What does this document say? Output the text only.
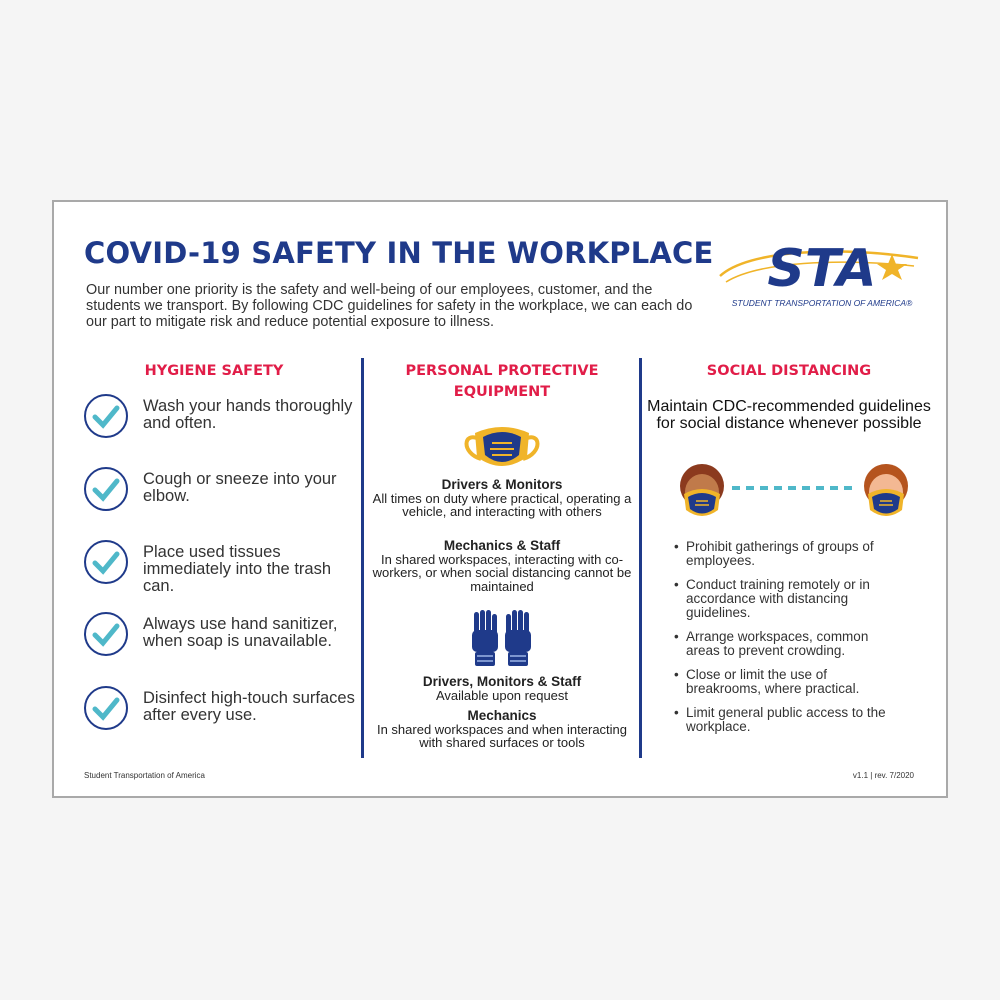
COVID-19 SAFETY IN THE WORKPLACE

Our number one priority is the safety and well-being of our employees, customer, and the students we transport. By following CDC guidelines for safety in the workplace, we can each do our part to mitigate risk and reduce potential exposure to illness.

STA
STUDENT TRANSPORTATION OF AMERICA®
HYGIENE SAFETY	PERSONAL PROTECTIVE
EQUIPMENT
SOCIAL DISTANCING
Wash your hands thoroughly and often.
Cough or sneeze into your elbow.
Place used tissues immediately into the trash can.
Always use hand sanitizer, when soap is unavailable.
Disinfect high-touch surfaces after every use.
Drivers & Monitors
All times on duty where practical, operating a vehicle, and interacting with others
Mechanics & Staff
In shared workspaces, interacting with co-workers, or when social distancing cannot be maintained
Drivers, Monitors & Staff
Available upon request
Mechanics
In shared workspaces and when interacting with shared surfaces or tools
Maintain CDC-recommended guidelines for social distance whenever possible
• Prohibit gatherings of groups of employees.
• Conduct training remotely or in accordance with distancing guidelines.
• Arrange workspaces, common areas to prevent crowding.
• Close or limit the use of breakrooms, where practical.
• Limit general public access to the workplace.
Student Transportation of America	v1.1 | rev. 7/2020
